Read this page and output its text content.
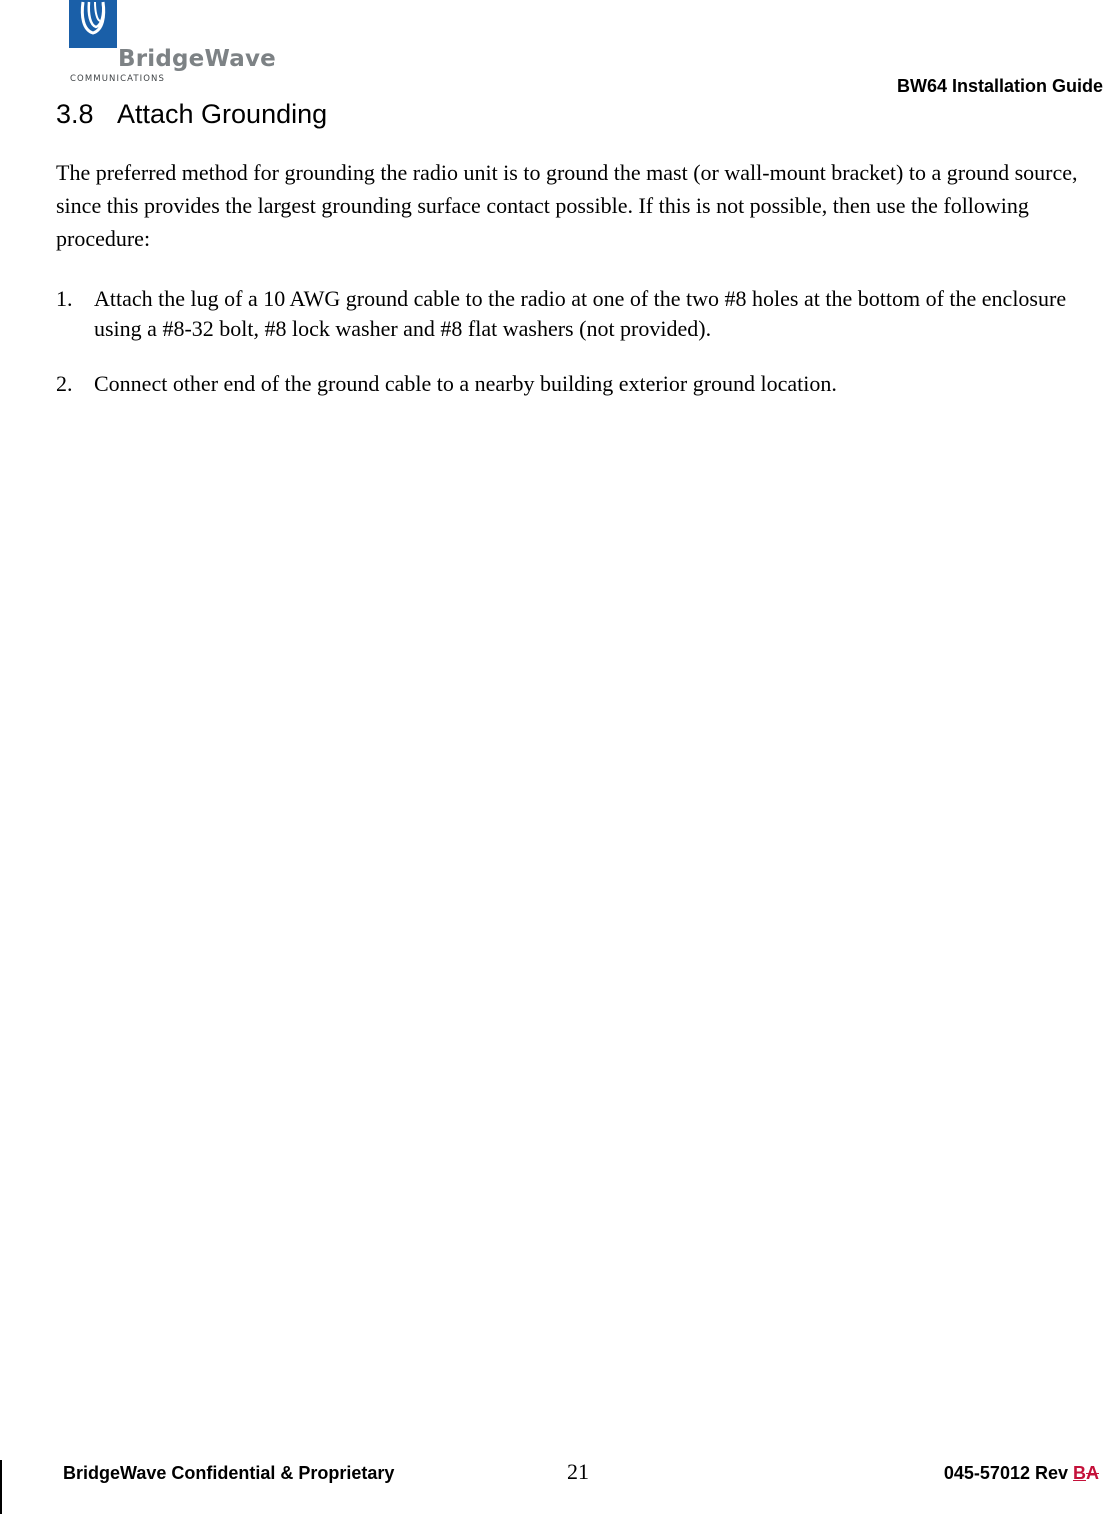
BridgeWave
COMMUNICATIONS	BW64 Installation Guide
3.8 Attach Grounding

The preferred method for grounding the radio unit is to ground the mast (or wall-mount bracket) to a ground source, since this provides the largest grounding surface contact possible. If this is not possible, then use the following procedure:

1. Attach the lug of a 10 AWG ground cable to the radio at one of the two #8 holes at the bottom of the enclosure using a #8-32 bolt, #8 lock washer and #8 flat washers (not provided).
2. Connect other end of the ground cable to a nearby building exterior ground location.
BridgeWave Confidential & Proprietary	21	045-57012 Rev BA
